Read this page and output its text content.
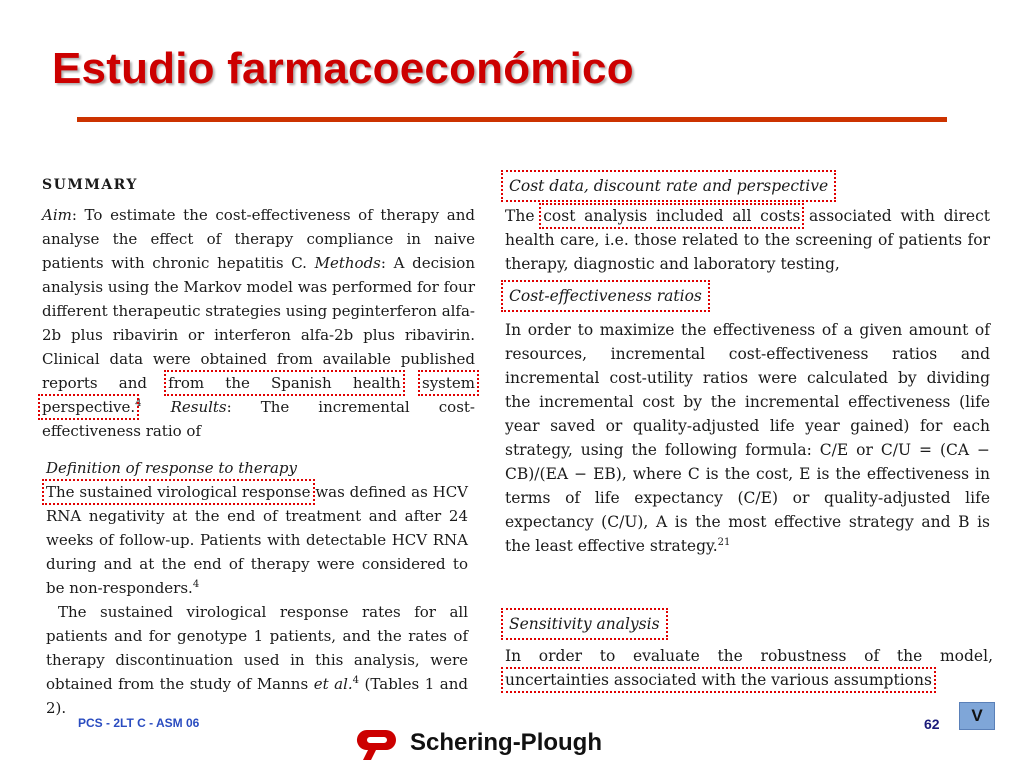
Estudio farmacoeconómico

SUMMARY

Aim: To estimate the cost-effectiveness of therapy and analyse the effect of therapy compliance in naive patients with chronic hepatitis C. Methods: A decision analysis using the Markov model was performed for four different therapeutic strategies using peginterferon alfa-2b plus ribavirin or interferon alfa-2b plus ribavirin. Clinical data were obtained from available published reports and from the Spanish health system perspective.$^4$ Results: The incremental cost-effectiveness ratio of

Definition of response to therapy

The sustained virological response was defined as HCV RNA negativity at the end of treatment and after 24 weeks of follow-up. Patients with detectable HCV RNA during and at the end of therapy were considered to be non-responders.$^4$

The sustained virological response rates for all patients and for genotype 1 patients, and the rates of therapy discontinuation used in this analysis, were obtained from the study of Manns et al.$^4$ (Tables 1 and 2).

Cost data, discount rate and perspective

The cost analysis included all costs associated with direct health care, i.e. those related to the screening of patients for therapy, diagnostic and laboratory testing,

Cost-effectiveness ratios

In order to maximize the effectiveness of a given amount of resources, incremental cost-effectiveness ratios and incremental cost-utility ratios were calculated by dividing the incremental cost by the incremental effectiveness (life year saved or quality-adjusted life year gained) for each strategy, using the following formula: C/E or C/U = (CA − CB)/(EA − EB), where C is the cost, E is the effectiveness in terms of life expectancy (C/E) or quality-adjusted life expectancy (C/U), A is the most effective strategy and B is the least effective strategy.$^{21}$

Sensitivity analysis

In order to evaluate the robustness of the model, uncertainties associated with the various assumptions

PCS - 2LT C - ASM 06	62	V
Schering-Plough
